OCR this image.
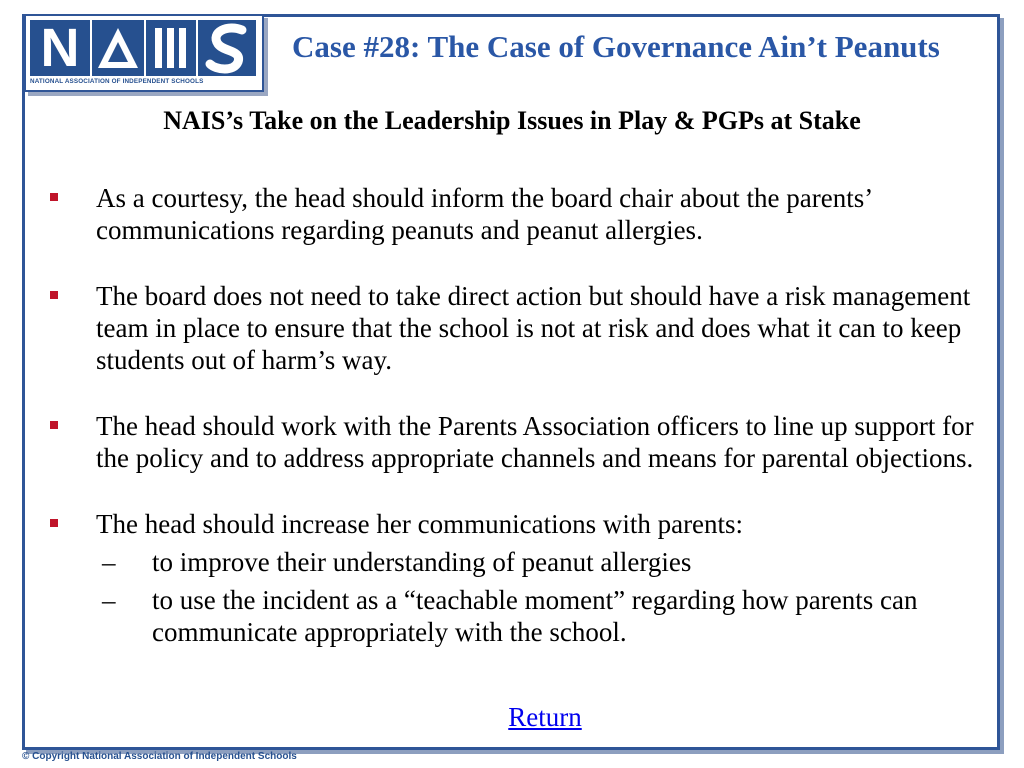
N
NATIONAL ASSOCIATION OF INDEPENDENT SCHOOLS
Case #28: The Case of Governance Ain’t Peanuts
NAIS’s Take on the Leadership Issues in Play & PGPs at Stake
As a courtesy, the head should inform the board chair about the parents’ communications regarding peanuts and peanut allergies.
The board does not need to take direct action but should have a risk management team in place to ensure that the school is not at risk and does what it can to keep students out of harm’s way.
The head should work with the Parents Association officers to line up support for the policy and to address appropriate channels and means for parental objections.
The head should increase her communications with parents:
– to improve their understanding of peanut allergies
– to use the incident as a “teachable moment” regarding how parents can communicate appropriately with the school.
Return
© Copyright National Association of Independent Schools
